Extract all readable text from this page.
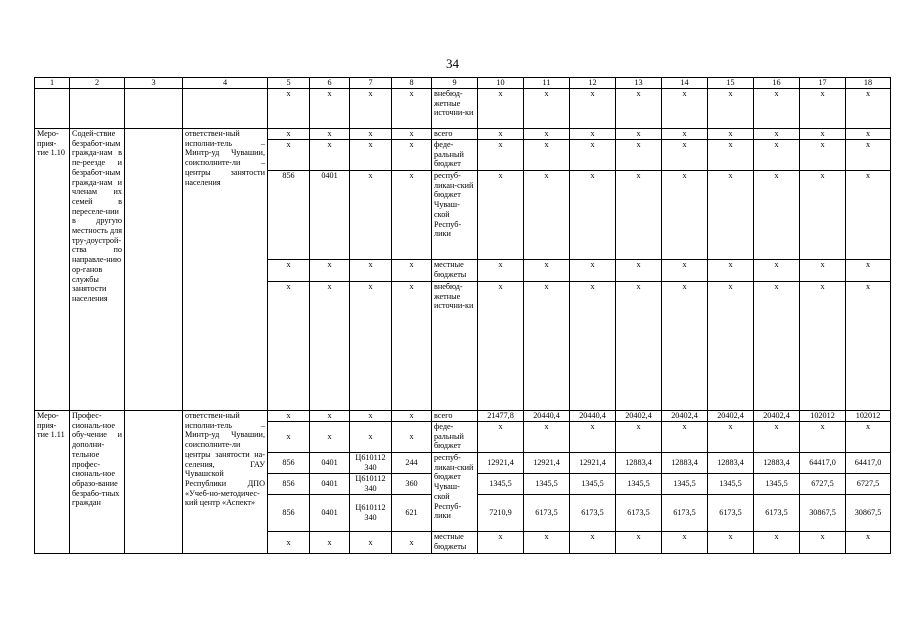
34
1	2	3	4	5	6	7	8	9	10	11	12	13	14	15	16	17	18
				х	х	х	х	внебюд-жетные источни-ки	х	х	х	х	х	х	х	х	х
Меро-прия-тие 1.10	Содей-ствие безработ-ным гражда-нам в пе-реезде и безработ-ным гражда-нам и членам их семей в переселе-нии в другую местность для тру-доустрой-ства по направле-нию ор-ганов службы занятости населения		ответствен-ный исполни-тель – Минтр-уд Чувашии, соисполните-ли – центры занятости населения	х	х	х	х	всего	х	х	х	х	х	х	х	х	х
				х	х	х	х	феде-ральный бюджет	х	х	х	х	х	х	х	х	х
				856	0401	х	х	респуб-ликан-ский бюджет Чуваш-ской Респуб-лики	х	х	х	х	х	х	х	х	х
				х	х	х	х	местные бюджеты	х	х	х	х	х	х	х	х	х
				х	х	х	х	внебюд-жетные источни-ки	х	х	х	х	х	х	х	х	х
Меро-прия-тие 1.11	Профес-сиональ-ное обу-чение и дополни-тельное профес-сиональ-ное образо-вание безрабо-тных граждан		ответствен-ный исполни-тель – Минтр-уд Чувашии, соисполните-ли центры занятости на-селения, ГАУ Чувашской Республики ДПО «Учеб-но-методичес-кий центр «Аспект»	х	х	х	х	всего	21477,8	20440,4	20440,4	20402,4	20402,4	20402,4	20402,4	102012	102012
				х	х	х	х	феде-ральный бюджет	х	х	х	х	х	х	х	х	х
				856	0401	Ц610112 340	244	респуб-ликан-ский бюджет Чуваш-ской Респуб-лики	12921,4	12921,4	12921,4	12883,4	12883,4	12883,4	12883,4	64417,0	64417,0
				856	0401	Ц610112 340	360		1345,5	1345,5	1345,5	1345,5	1345,5	1345,5	1345,5	6727,5	6727,5
				856	0401	Ц610112 340	621		7210,9	6173,5	6173,5	6173,5	6173,5	6173,5	6173,5	30867,5	30867,5
				х	х	х	х	местные бюджеты	х	х	х	х	х	х	х	х	х
